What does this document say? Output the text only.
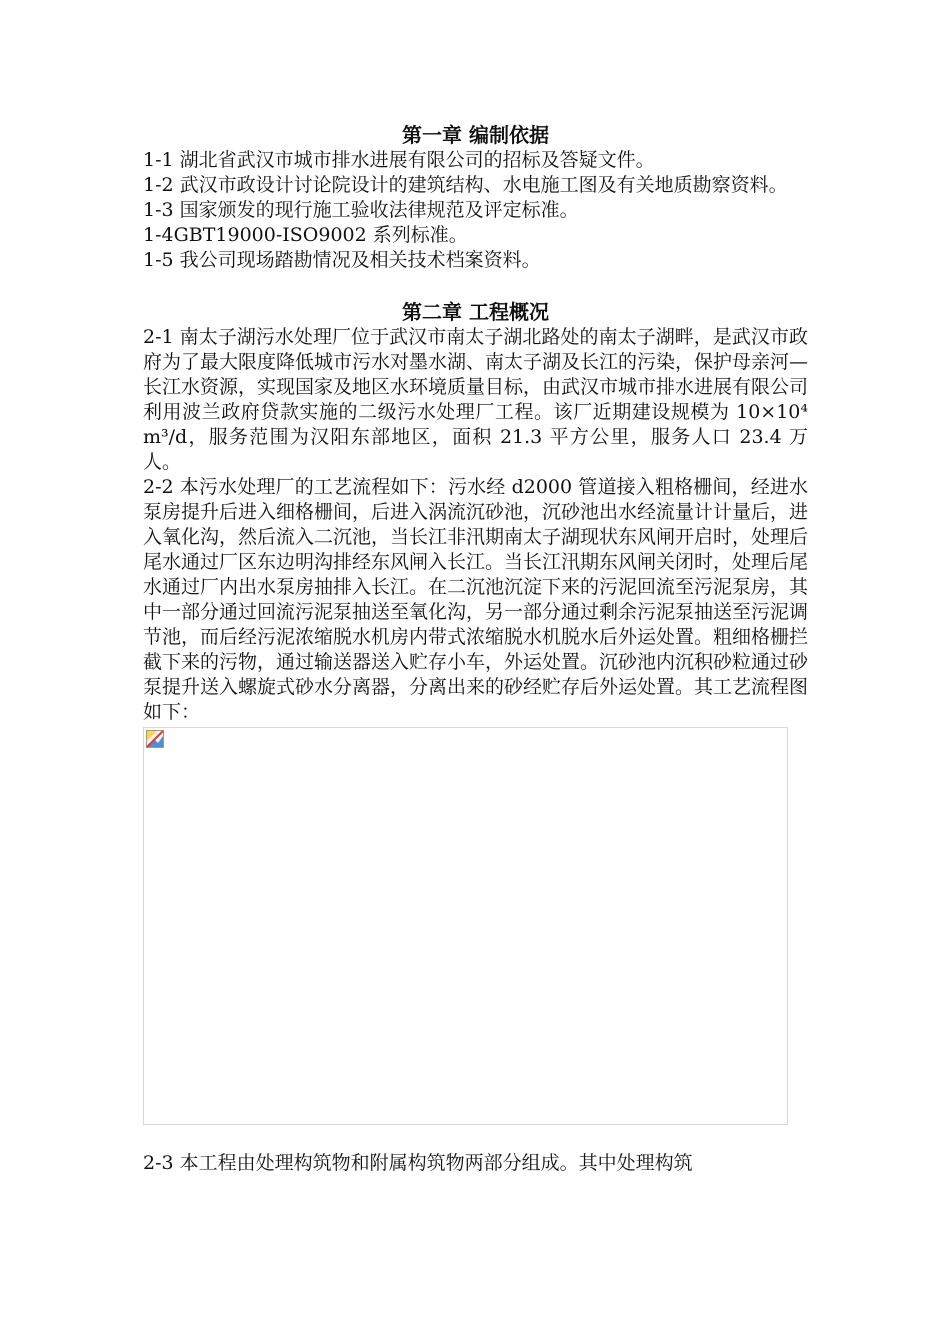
第一章 编制依据

1-1 湖北省武汉市城市排水进展有限公司的招标及答疑文件。

1-2 武汉市政设计讨论院设计的建筑结构、水电施工图及有关地质勘察资料。

1-3 国家颁发的现行施工验收法律规范及评定标准。

1-4GBT19000-ISO9002 系列标准。

1-5 我公司现场踏勘情况及相关技术档案资料。

第二章 工程概况

2-1 南太子湖污水处理厂位于武汉市南太子湖北路处的南太子湖畔，是武汉市政府为了最大限度降低城市污水对墨水湖、南太子湖及长江的污染，保护母亲河—长江水资源，实现国家及地区水环境质量目标，由武汉市城市排水进展有限公司利用波兰政府贷款实施的二级污水处理厂工程。该厂近期建设规模为 10×10⁴m³/d，服务范围为汉阳东部地区，面积 21.3 平方公里，服务人口 23.4 万人。

2-2 本污水处理厂的工艺流程如下：污水经 d2000 管道接入粗格栅间，经进水泵房提升后进入细格栅间，后进入涡流沉砂池，沉砂池出水经流量计计量后，进入氧化沟，然后流入二沉池，当长江非汛期南太子湖现状东风闸开启时，处理后尾水通过厂区东边明沟排经东风闸入长江。当长江汛期东风闸关闭时，处理后尾水通过厂内出水泵房抽排入长江。在二沉池沉淀下来的污泥回流至污泥泵房，其中一部分通过回流污泥泵抽送至氧化沟，另一部分通过剩余污泥泵抽送至污泥调节池，而后经污泥浓缩脱水机房内带式浓缩脱水机脱水后外运处置。粗细格栅拦截下来的污物，通过输送器送入贮存小车，外运处置。沉砂池内沉积砂粒通过砂泵提升送入螺旋式砂水分离器，分离出来的砂经贮存后外运处置。其工艺流程图如下：

2-3 本工程由处理构筑物和附属构筑物两部分组成。其中处理构筑
